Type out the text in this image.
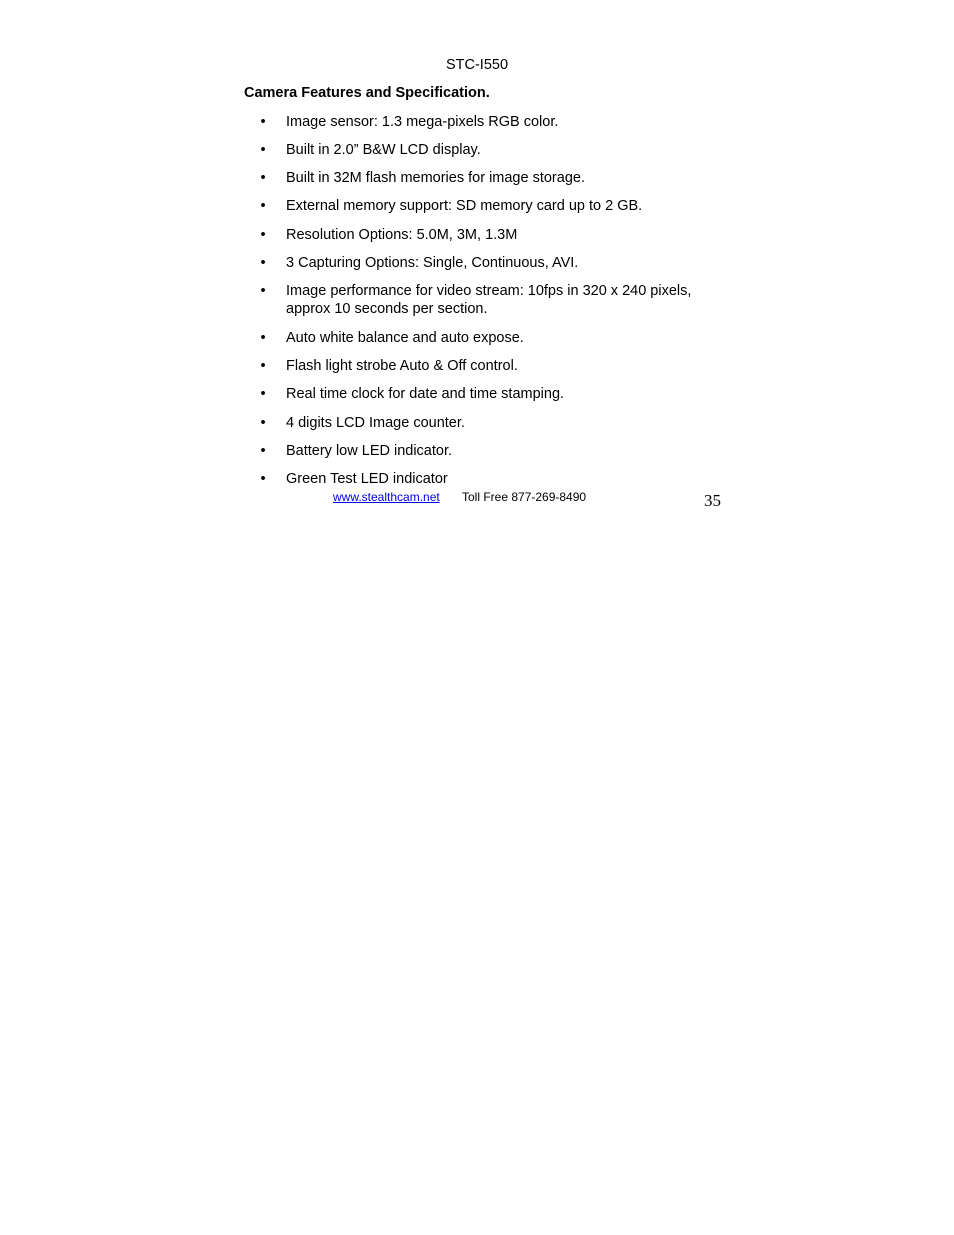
STC-I550
Camera Features and Specification.
• Image sensor: 1.3 mega-pixels RGB color.
• Built in 2.0” B&W LCD display.
• Built in 32M flash memories for image storage.
• External memory support: SD memory card up to 2 GB.
• Resolution Options: 5.0M, 3M, 1.3M
• 3 Capturing Options: Single, Continuous, AVI.
• Image performance for video stream: 10fps in 320 x 240 pixels, approx 10 seconds per section.
• Auto white balance and auto expose.
• Flash light strobe Auto & Off control.
• Real time clock for date and time stamping.
• 4 digits LCD Image counter.
• Battery low LED indicator.
• Green Test LED indicator
www.stealthcam.net Toll Free 877-269-8490	35
